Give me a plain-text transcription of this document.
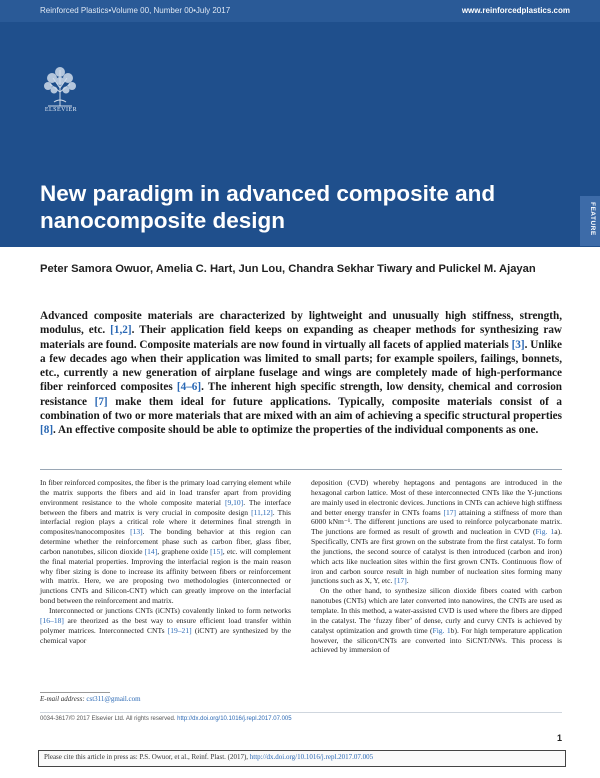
Reinforced Plastics•Volume 00, Number 00•July 2017	www.reinforcedplastics.com
ELSEVIER
New paradigm in advanced composite and nanocomposite design	FEATURE

Peter Samora Owuor, Amelia C. Hart, Jun Lou, Chandra Sekhar Tiwary and Pulickel M. Ajayan

Advanced composite materials are characterized by lightweight and unusually high stiffness, strength, modulus, etc. [1,2]. Their application field keeps on expanding as cheaper methods for synthesizing raw materials are found. Composite materials are now found in virtually all facets of applied materials [3]. Unlike a few decades ago when their application was limited to small parts; for example spoilers, failings, bonnets, etc., currently a new generation of airplane fuselage and wings are completely made of high-performance fiber reinforced composites [4–6]. The inherent high specific strength, low density, chemical and corrosion resistance [7] make them ideal for future applications. Typically, composite materials consist of a combination of two or more materials that are mixed with an aim of achieving a specific structural properties [8]. An effective composite should be able to optimize the properties of the individual components as one.

In fiber reinforced composites, the fiber is the primary load carrying element while the matrix supports the fibers and aid in load transfer apart from providing environment resistance to the whole composite material [9,10]. The interface between the fibers and matrix is very crucial in composite design [11,12]. This interfacial region plays a critical role where it determines final strength in composites/nanocomposites [13]. The bonding behavior at this region can determine whether the reinforcement phase such as carbon fiber, glass fiber, carbon nanotubes, silicon dioxide [14], graphene oxide [15], etc. will complement the final material properties. Improving the interfacial region is the main reason why fiber sizing is done to increase its affinity between fibers or reinforcement with matrix. Here, we are proposing two methodologies (interconnected or junctions CNTs and Silicon-CNT) which can greatly improve on the interfacial bond between the reinforcement and matrix.

Interconnected or junctions CNTs (iCNTs) covalently linked to form networks [16–18] are theorized as the best way to ensure efficient load transfer within polymer matrices. Interconnected CNTs [19–21] (iCNT) are synthesized by the chemical vapor

deposition (CVD) whereby heptagons and pentagons are introduced in the hexagonal carbon lattice. Most of these interconnected CNTs like the Y-junctions are mainly used in electronic devices. Junctions in CNTs can achieve high stiffness and better energy transfer in CNTs foams [17] attaining a stiffness of more than 6000 kNm⁻¹. The different junctions are used to reinforce polycarbonate matrix. The junctions are formed as result of growth and nucleation in CVD (Fig. 1a). Specifically, CNTs are first grown on the substrate from the first catalyst. To form the junctions, the second source of catalyst is then introduced (carbon and iron) which acts like nucleation sites within the first grown CNTs. Continuous flow of iron and carbon source result in high number of nucleation sites forming many junctions such as X, Y, etc. [17].

On the other hand, to synthesize silicon dioxide fibers coated with carbon nanotubes (CNTs) which are later converted into nanowires, the CNTs are used as template. In this method, a water-assisted CVD is used where the fibers are dipped in the catalyst. The ‘fuzzy fiber’ of dense, curly and curvy CNTs is achieved by catalyst optimization and growth time (Fig. 1b). For high temperature application however, the silicon/CNTs are converted into SiCNT/NWs. This process is achieved by immersion of

E-mail address: cst311@gmail.com
0034-3617/© 2017 Elsevier Ltd. All rights reserved. http://dx.doi.org/10.1016/j.repl.2017.07.005
1
Please cite this article in press as: P.S. Owuor, et al., Reinf. Plast. (2017), http://dx.doi.org/10.1016/j.repl.2017.07.005
